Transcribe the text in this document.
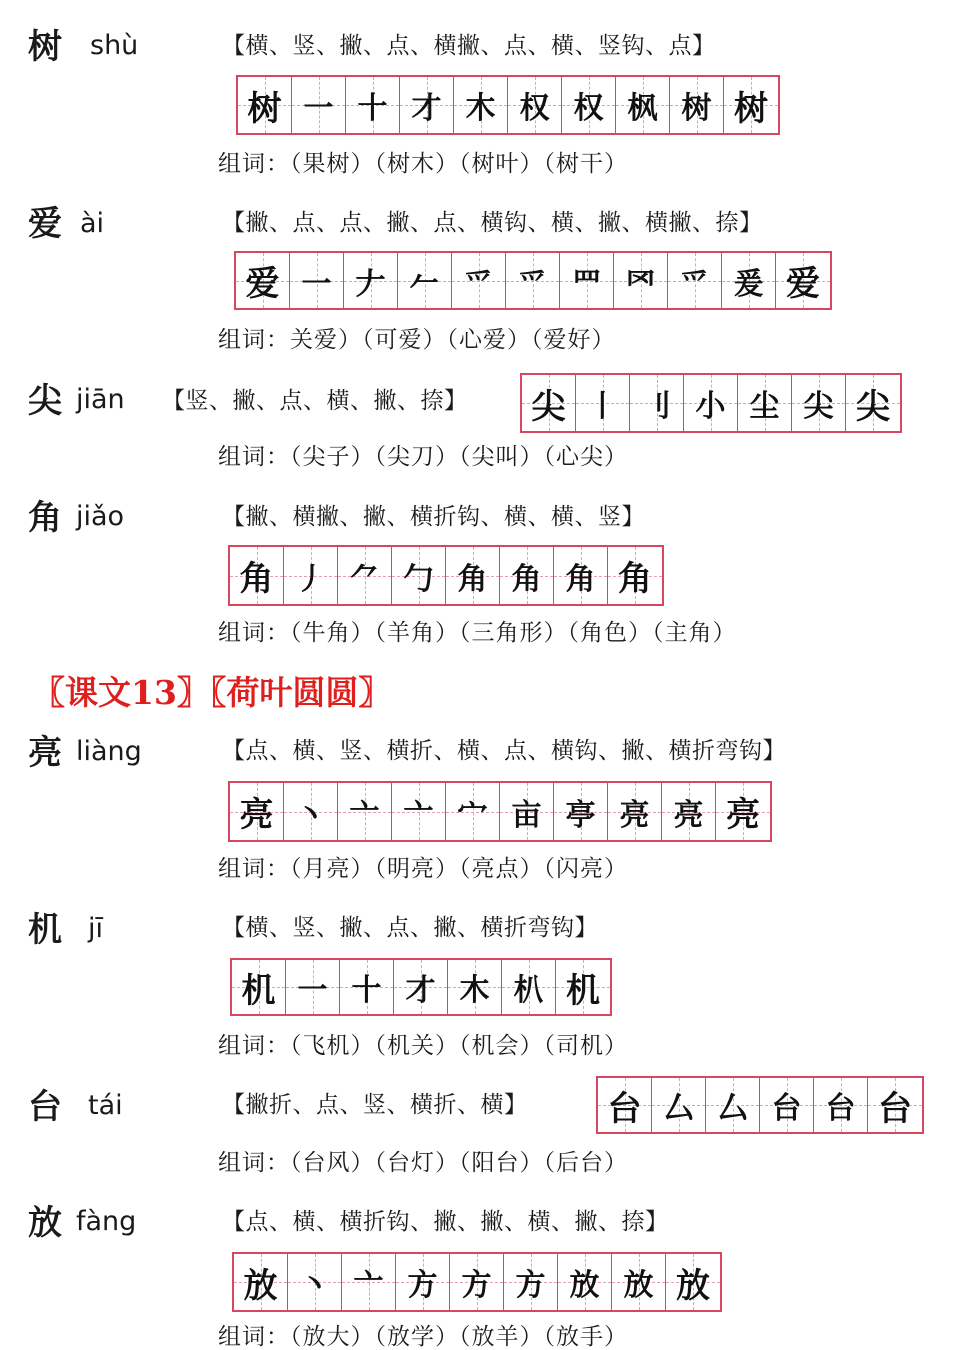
树 shù	【横、竖、撇、点、横撇、点、横、竖钩、点】
树 一 十 才 木 权 权 枫 树 树
组词：（果树）（树木）（树叶）（树干）
爱 ài	【撇、点、点、撇、点、横钩、横、撇、横撇、捺】
爱 一 𠂇 𠂉 爫 爫 罒 罓 爫 爰 爱
组词：关爱）（可爱）（心爱）（爱好）
尖 jiān 【竖、撇、点、横、撇、捺】 尖 丨 刂 小 尘 尖 尖
组词：（尖子）（尖刀）（尖叫）（心尖）
角 jiǎo	【撇、横撇、撇、横折钩、横、横、竖】
角 丿 ⺈ 勹 角 角 角 角
组词：（牛角）（羊角）（三角形）（角色）（主角）
〖课文13〗〖荷叶圆圆〗
亮 liàng	【点、横、竖、横折、横、点、横钩、撇、横折弯钩】
亮 丶 亠 亠 宀 亩 亭 亮 亮 亮
组词：（月亮）（明亮）（亮点）（闪亮）
机 jī	【横、竖、撇、点、撇、横折弯钩】
机 一 十 才 木 朳 机
组词：（飞机）（机关）（机会）（司机）
台 tái	【撇折、点、竖、横折、横】 台 厶 厶 台 台 台
组词：（台风）（台灯）（阳台）（后台）
放 fàng	【点、横、横折钩、撇、撇、横、撇、捺】
放 丶 亠 方 方 方 放 放 放
组词：（放大）（放学）（放羊）（放手）
